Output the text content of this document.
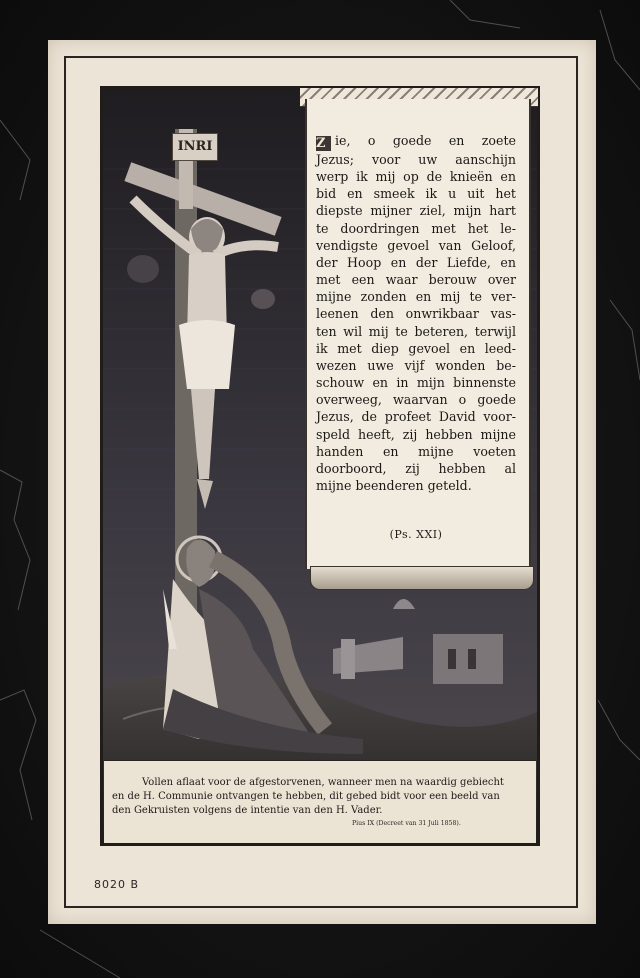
INRI	Z ie, o goede en zoete
Jezus; voor uw aanschijn
werp ik mij op de knieën en
bid en smeek ik u uit het
diepste mijner ziel, mijn hart
te doordringen met het le-
vendigste gevoel van Geloof,
der Hoop en der Liefde, en
met een waar berouw over
mijne zonden en mij te ver-
leenen den onwrikbaar vas-
ten wil mij te beteren, terwijl
ik met diep gevoel en leed-
wezen uwe vijf wonden be-
schouw en in mijn binnenste
overweeg, waarvan o goede
Jezus, de profeet David voor-
speld heeft, zij hebben mijne
handen en mijne voeten
doorboord, zij hebben al
mijne beenderen geteld.
(Ps. XXI)
Vollen aflaat voor de afgestorvenen, wanneer men na waardig gebiecht
en de H. Communie ontvangen te hebben, dit gebed bidt voor een beeld van
den Gekruisten volgens de intentie van den H. Vader.
Pius IX (Decreet van 31 Juli 1858).
8020 B
